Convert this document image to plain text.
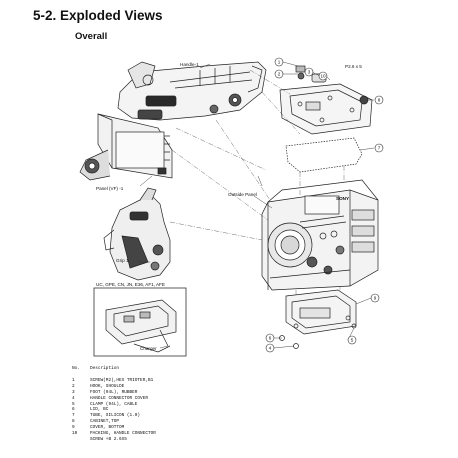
5-2. Exploded Views
Overall
1
2	3
10
8
7
9
5
6
4
Handle-1
Panel (VF) -1
Outside Panel
Grip 1
UC, GPE, CN, JN, E36, AF1, AFE
Charger
P2.6 x 5
SONY
No.	Description
1	SCREW(M2),HEX TRIOTER,B1
2	HOOK, SHOULDE
3	FOOT (94L), RUBBER
4	HANDLE CONNECTOR COVER
5	CLAMP (94L), CABLE
6	LID, BC
7	TUBE, SILICON (1.0)
8	CABINET,TOP
9	COVER, BOTTOM
10	PACKING, HANDLE CONNECTOR
SCREW +B 2.6X5
